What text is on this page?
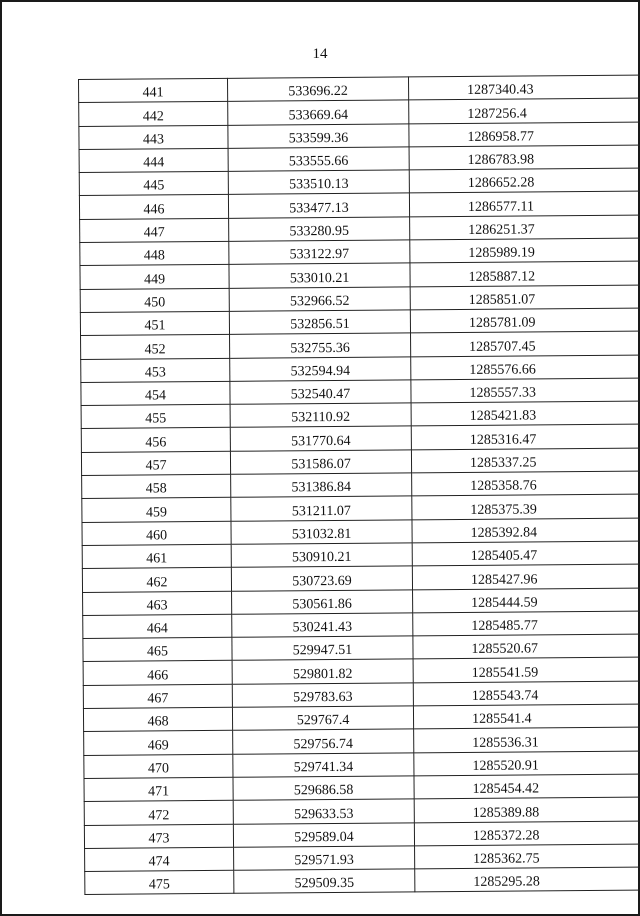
14
441	533696.22	1287340.43
442	533669.64	1287256.4
443	533599.36	1286958.77
444	533555.66	1286783.98
445	533510.13	1286652.28
446	533477.13	1286577.11
447	533280.95	1286251.37
448	533122.97	1285989.19
449	533010.21	1285887.12
450	532966.52	1285851.07
451	532856.51	1285781.09
452	532755.36	1285707.45
453	532594.94	1285576.66
454	532540.47	1285557.33
455	532110.92	1285421.83
456	531770.64	1285316.47
457	531586.07	1285337.25
458	531386.84	1285358.76
459	531211.07	1285375.39
460	531032.81	1285392.84
461	530910.21	1285405.47
462	530723.69	1285427.96
463	530561.86	1285444.59
464	530241.43	1285485.77
465	529947.51	1285520.67
466	529801.82	1285541.59
467	529783.63	1285543.74
468	529767.4	1285541.4
469	529756.74	1285536.31
470	529741.34	1285520.91
471	529686.58	1285454.42
472	529633.53	1285389.88
473	529589.04	1285372.28
474	529571.93	1285362.75
475	529509.35	1285295.28
